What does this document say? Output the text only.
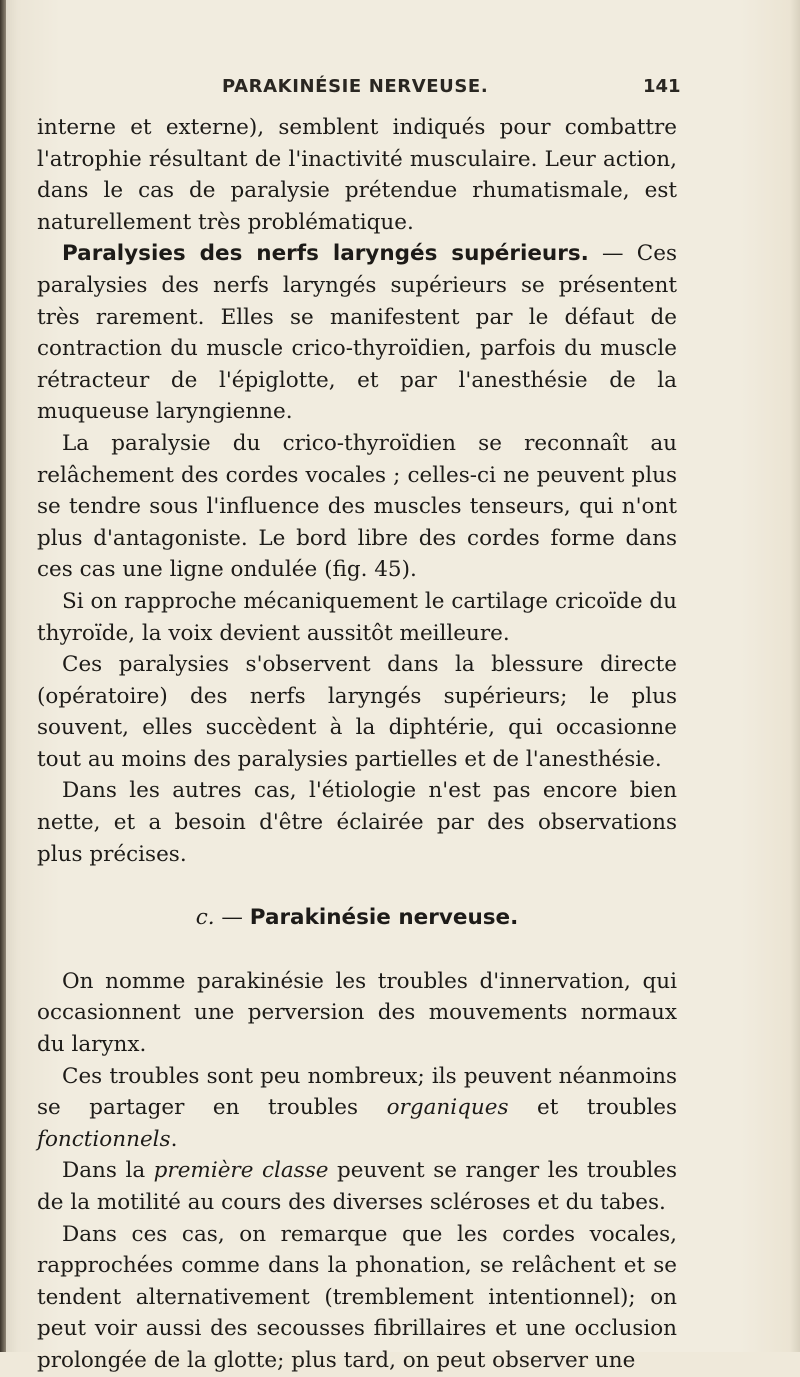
PARAKINÉSIE NERVEUSE.	141

interne et externe), semblent indiqués pour combattre l'atrophie résultant de l'inactivité musculaire. Leur action, dans le cas de paralysie prétendue rhumatismale, est naturellement très problématique.

Paralysies des nerfs laryngés supérieurs. — Ces paralysies des nerfs laryngés supérieurs se présentent très rarement. Elles se manifestent par le défaut de contraction du muscle crico-thyroïdien, parfois du muscle rétracteur de l'épiglotte, et par l'anesthésie de la muqueuse laryngienne.

La paralysie du crico-thyroïdien se reconnaît au relâchement des cordes vocales ; celles-ci ne peuvent plus se tendre sous l'influence des muscles tenseurs, qui n'ont plus d'antagoniste. Le bord libre des cordes forme dans ces cas une ligne ondulée (fig. 45).

Si on rapproche mécaniquement le cartilage cricoïde du thyroïde, la voix devient aussitôt meilleure.

Ces paralysies s'observent dans la blessure directe (opératoire) des nerfs laryngés supérieurs; le plus souvent, elles succèdent à la diphtérie, qui occasionne tout au moins des paralysies partielles et de l'anesthésie.

Dans les autres cas, l'étiologie n'est pas encore bien nette, et a besoin d'être éclairée par des observations plus précises.

c. — Parakinésie nerveuse.

On nomme parakinésie les troubles d'innervation, qui occasionnent une perversion des mouvements normaux du larynx.

Ces troubles sont peu nombreux; ils peuvent néanmoins se partager en troubles organiques et troubles fonctionnels.

Dans la première classe peuvent se ranger les troubles de la motilité au cours des diverses scléroses et du tabes.

Dans ces cas, on remarque que les cordes vocales, rapprochées comme dans la phonation, se relâchent et se tendent alternativement (tremblement intentionnel); on peut voir aussi des secousses fibrillaires et une occlusion prolongée de la glotte; plus tard, on peut observer une
